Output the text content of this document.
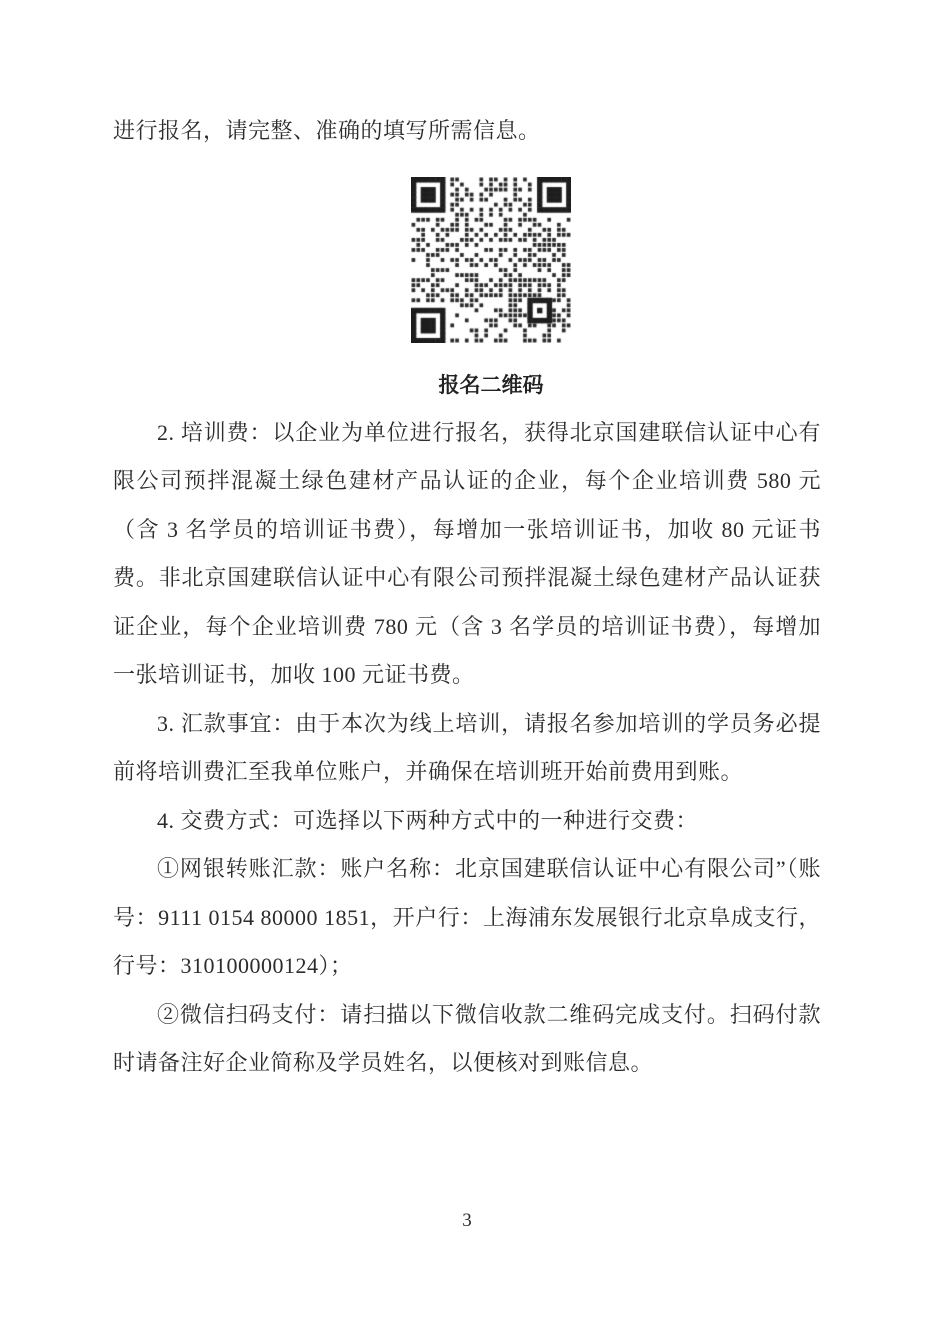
进行报名，请完整、准确的填写所需信息。

报名二维码

2. 培训费：以企业为单位进行报名，获得北京国建联信认证中心有限公司预拌混凝土绿色建材产品认证的企业，每个企业培训费 580 元（含 3 名学员的培训证书费），每增加一张培训证书，加收 80 元证书费。非北京国建联信认证中心有限公司预拌混凝土绿色建材产品认证获证企业，每个企业培训费 780 元（含 3 名学员的培训证书费），每增加一张培训证书，加收 100 元证书费。

3. 汇款事宜：由于本次为线上培训，请报名参加培训的学员务必提前将培训费汇至我单位账户，并确保在培训班开始前费用到账。

4. 交费方式：可选择以下两种方式中的一种进行交费：

①网银转账汇款：账户名称：北京国建联信认证中心有限公司”（账号：9111 0154 80000 1851，开户行：上海浦东发展银行北京阜成支行，行号：310100000124）；

②微信扫码支付：请扫描以下微信收款二维码完成支付。扫码付款时请备注好企业简称及学员姓名，以便核对到账信息。

3
